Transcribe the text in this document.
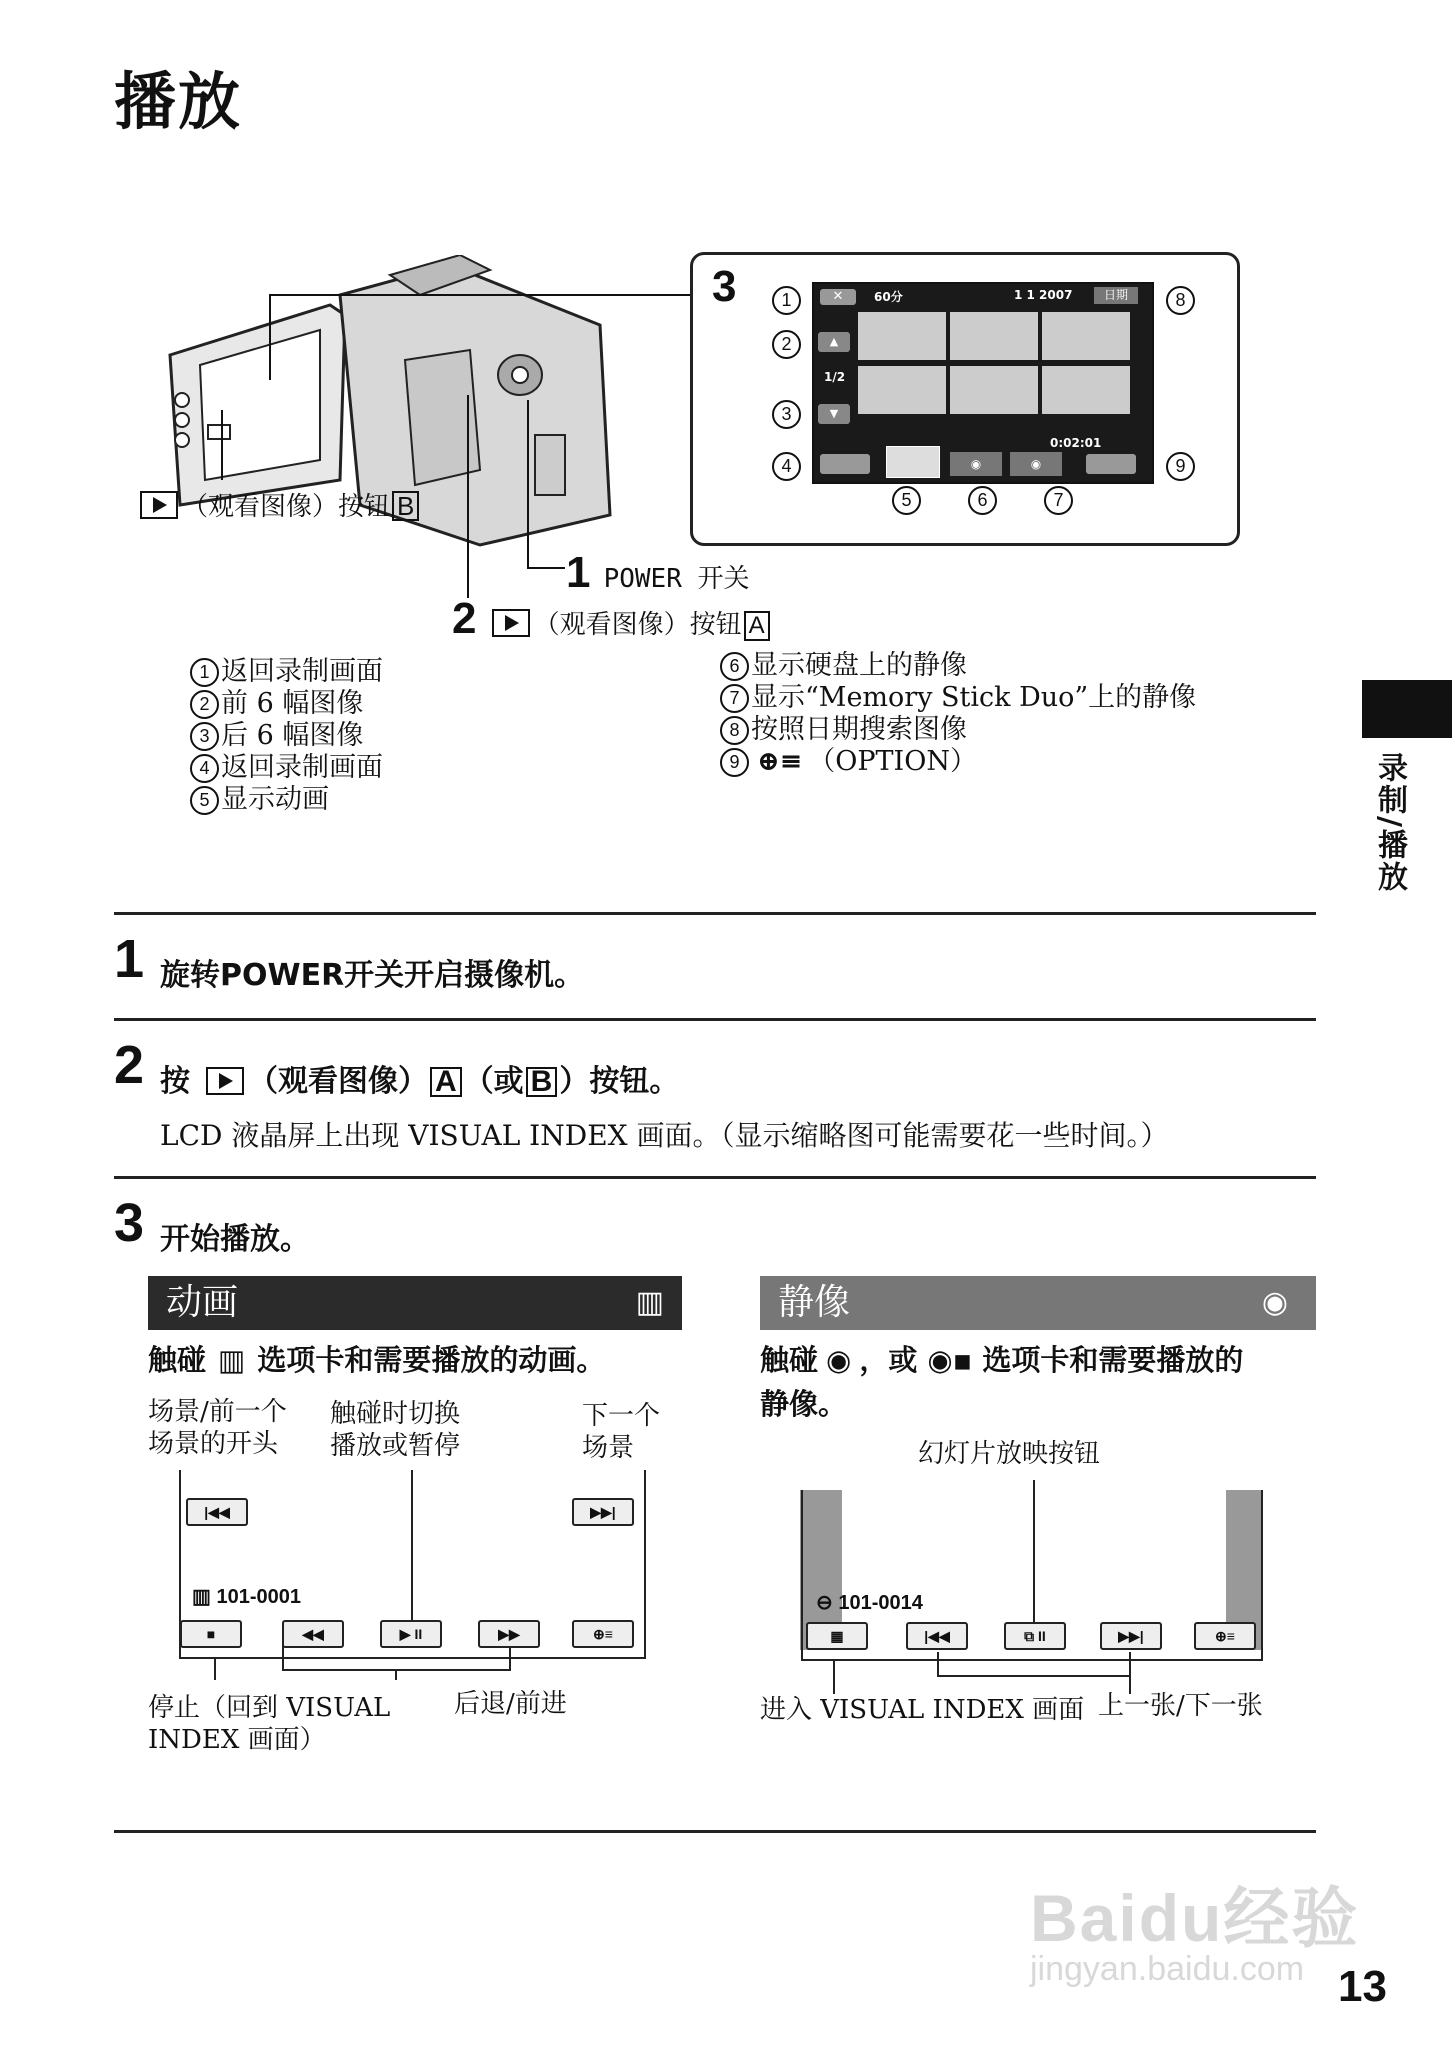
播放
3	✕	60分	1 1 2007	日期
▲
1/2
▼
0:02:01
◉	◉
1
2
3
4
5	6	7
8
9
（观看图像）按钮 B
1 POWER 开关
2 （观看图像）按钮 A
1 返回录制画面
2 前 6 幅图像
3 后 6 幅图像
4 返回录制画面
5 显示动画
6 显示硬盘上的静像
7 显示“Memory Stick Duo”上的静像
8 按照日期搜索图像
9 ⊕≡ （OPTION）	录制/播放
1 旋转POWER开关开启摄像机。
2 按 （观看图像） A （或 B ）按钮。
LCD 液晶屏上出现 VISUAL INDEX 画面。（显示缩略图可能需要花一些时间。）
3 开始播放。
动画	▥
触碰 ▥ 选项卡和需要播放的动画。
场景/前一个
场景的开头
触碰时切换
播放或暂停
下一个
场景
|◀◀	▶▶|
▥ 101-0001
■	◀◀	▶ II	▶▶	⊕≡
停止（回到 VISUAL
INDEX 画面）
后退/前进
静像	◉
触碰 ◉ ，或 ◉▪ 选项卡和需要播放的
静像。
幻灯片放映按钮
⊖ 101-0014
▦	|◀◀	⧉ II	▶▶|	⊕≡
进入 VISUAL INDEX 画面 上一张/下一张
Baidu经验
jingyan.baidu.com 13
